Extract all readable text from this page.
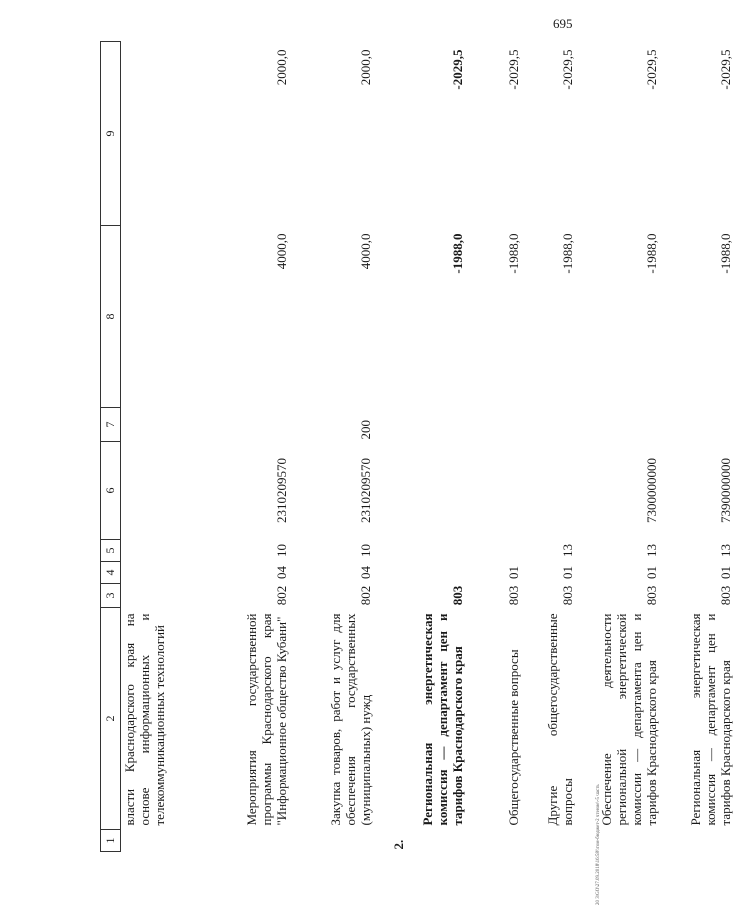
695
20 3\GO\27.09.2018\16:58\\том-бюджет-2 чтение\-5 часть
1	2	3	4	5	6	7	8	9
	власти Краснодарского края на основе информационных и телекоммуникационных технологий							
	Мероприятия государственной программы Краснодарского края "Информационное общество Кубани"	802	04	10	2310209570		4000,0	2000,0
	Закупка товаров, работ и услуг для обеспечения государственных (муниципальных) нужд	802	04	10	2310209570	200	4000,0	2000,0
2.	Региональная энергетическая комиссия — департамент цен и тарифов Краснодарского края	803					-1988,0	-2029,5
	Общегосударственные вопросы	803	01				-1988,0	-2029,5
	Другие общегосударственные вопросы	803	01	13			-1988,0	-2029,5
	Обеспечение деятельности региональной энергетической комиссии — департамента цен и тарифов Краснодарского края	803	01	13	7300000000		-1988,0	-2029,5
	Региональная энергетическая комиссия — департамент цен и тарифов Краснодарского края	803	01	13	7390000000		-1988,0	-2029,5
